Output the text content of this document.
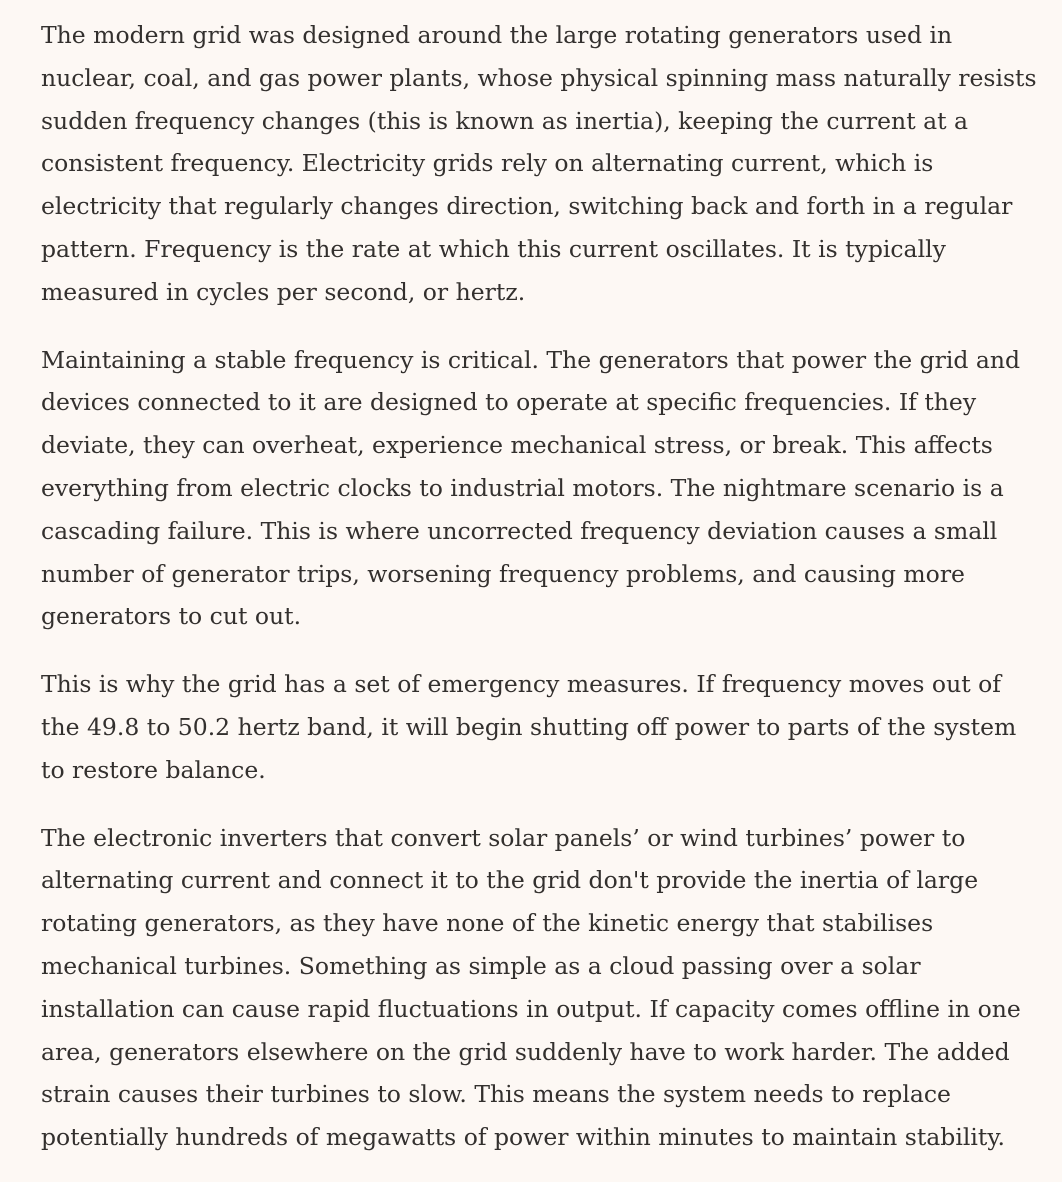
The modern grid was designed around the large rotating generators used in nuclear, coal, and gas power plants, whose physical spinning mass naturally resists sudden frequency changes (this is known as inertia), keeping the current at a consistent frequency. Electricity grids rely on alternating current, which is electricity that regularly changes direction, switching back and forth in a regular pattern. Frequency is the rate at which this current oscillates. It is typically measured in cycles per second, or hertz.

Maintaining a stable frequency is critical. The generators that power the grid and devices connected to it are designed to operate at specific frequencies. If they deviate, they can overheat, experience mechanical stress, or break. This affects everything from electric clocks to industrial motors. The nightmare scenario is a cascading failure. This is where uncorrected frequency deviation causes a small number of generator trips, worsening frequency problems, and causing more generators to cut out.

This is why the grid has a set of emergency measures. If frequency moves out of the 49.8 to 50.2 hertz band, it will begin shutting off power to parts of the system to restore balance.

The electronic inverters that convert solar panels’ or wind turbines’ power to alternating current and connect it to the grid don't provide the inertia of large rotating generators, as they have none of the kinetic energy that stabilises mechanical turbines. Something as simple as a cloud passing over a solar installation can cause rapid fluctuations in output. If capacity comes offline in one area, generators elsewhere on the grid suddenly have to work harder. The added strain causes their turbines to slow. This means the system needs to replace potentially hundreds of megawatts of power within minutes to maintain stability.
